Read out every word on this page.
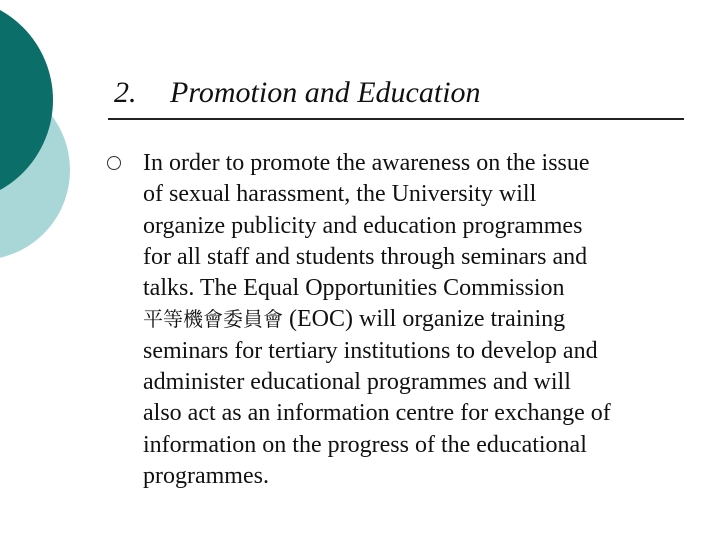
2. Promotion and Education
In order to promote the awareness on the issue
of sexual harassment, the University will
organize publicity and education programmes
for all staff and students through seminars and
talks. The Equal Opportunities Commission
平等機會委員會 (EOC) will organize training
seminars for tertiary institutions to develop and
administer educational programmes and will
also act as an information centre for exchange of
information on the progress of the educational
programmes.
